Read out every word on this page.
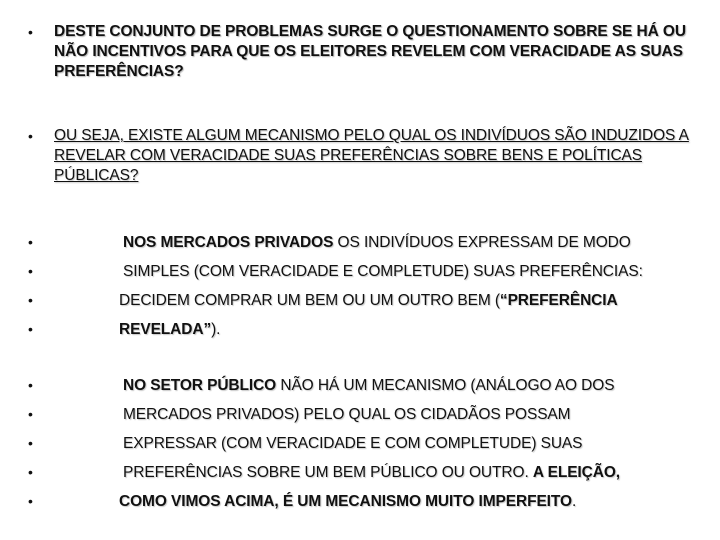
•	DESTE CONJUNTO DE PROBLEMAS SURGE O QUESTIONAMENTO SOBRE SE HÁ OU NÃO INCENTIVOS PARA QUE OS ELEITORES REVELEM COM VERACIDADE AS SUAS PREFERÊNCIAS?
•	OU SEJA, EXISTE ALGUM MECANISMO PELO QUAL OS INDIVÍDUOS SÃO INDUZIDOS A REVELAR COM VERACIDADE SUAS PREFERÊNCIAS SOBRE BENS E POLÍTICAS PÚBLICAS?
•	NOS MERCADOS PRIVADOS OS INDIVÍDUOS EXPRESSAM DE MODO
•	SIMPLES (COM VERACIDADE E COMPLETUDE) SUAS PREFERÊNCIAS:
•	DECIDEM COMPRAR UM BEM OU UM OUTRO BEM (“PREFERÊNCIA
•	REVELADA”).
•	NO SETOR PÚBLICO NÃO HÁ UM MECANISMO (ANÁLOGO AO DOS
•	MERCADOS PRIVADOS) PELO QUAL OS CIDADÃOS POSSAM
•	EXPRESSAR (COM VERACIDADE E COM COMPLETUDE) SUAS
•	PREFERÊNCIAS SOBRE UM BEM PÚBLICO OU OUTRO. A ELEIÇÃO,
•	COMO VIMOS ACIMA, É UM MECANISMO MUITO IMPERFEITO.
